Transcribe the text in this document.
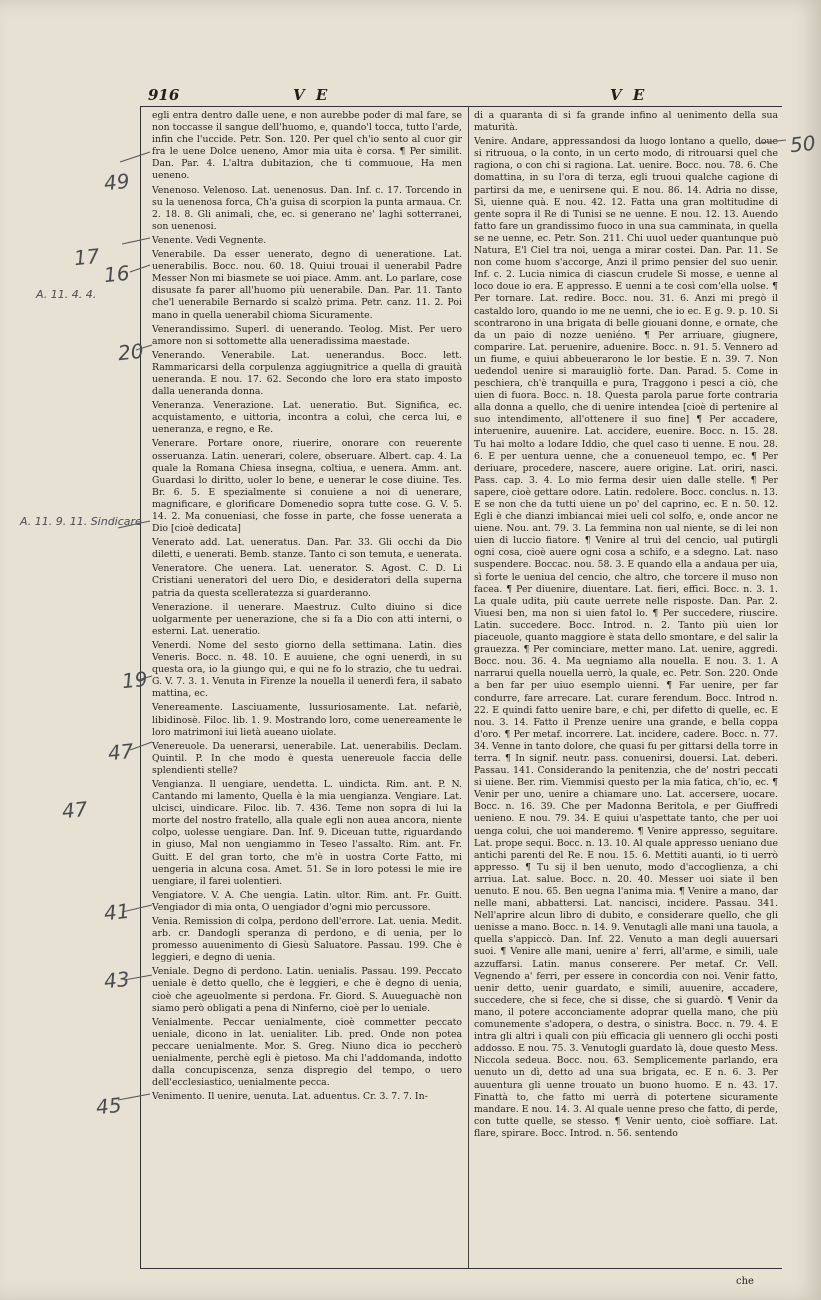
916	V E	V E

egli entra dentro dalle uene, e non aurebbe poder di mal fare, se non toccasse il sangue dell'huomo, e, quando'l tocca, tutto l'arde, infin che l'uccide. Petr. Son. 120. Per quel ch'io sento al cuor gir fra le uene Dolce ueneno, Amor mia uita è corsa. ¶ Per similit. Dan. Par. 4. L'altra dubitazion, che ti commuoue, Ha men ueneno.

Venenoso. Velenoso. Lat. uenenosus. Dan. Inf. c. 17. Torcendo in su la uenenosa forca, Ch'a guisa di scorpion la punta armaua. Cr. 2. 18. 8. Gli animali, che, ec. si generano ne' laghi sotterranei, son uenenosi.

Venente. Vedi Vegnente.

Venerabile. Da esser uenerato, degno di ueneratione. Lat. uenerabilis. Bocc. nou. 60. 18. Quiui trouai il uenerabil Padre Messer Non mi biasmete se uoi piace. Amm. ant. Lo parlare, cose disusate fa parer all'huomo più uenerabile. Dan. Par. 11. Tanto che'l uenerabile Bernardo si scalzò prima. Petr. canz. 11. 2. Poi mano in quella uenerabil chioma Sicuramente.

Venerandissimo. Superl. di uenerando. Teolog. Mist. Per uero amore non si sottomette alla ueneradissima maestade.

Venerando. Venerabile. Lat. uenerandus. Bocc. lett. Rammaricarsi della corpulenza aggiugnitrice a quella di grauità ueneranda. E nou. 17. 62. Secondo che loro era stato imposto dalla ueneranda donna.

Veneranza. Venerazione. Lat. ueneratio. But. Significa, ec. acquistamento, e uittoria, incontra a coluì, che cerca lui, e ueneranza, e regno, e Re.

Venerare. Portare onore, riuerire, onorare con reuerente osseruanza. Latin. uenerari, colere, obseruare. Albert. cap. 4. La quale la Romana Chiesa insegna, coltiua, e uenera. Amm. ant. Guardasi lo diritto, uoler lo bene, e uenerar le cose diuine. Tes. Br. 6. 5. E spezialmente si conuiene a noi di uenerare, magnificare, e glorificare Domenedio sopra tutte cose. G. V. 5. 14. 2. Ma conueniasi, che fosse in parte, che fosse uenerata a Dio [cioè dedicata]

Venerato add. Lat. ueneratus. Dan. Par. 33. Gli occhi da Dio diletti, e uenerati. Bemb. stanze. Tanto ci son temuta, e uenerata.

Veneratore. Che uenera. Lat. uenerator. S. Agost. C. D. Li Cristiani ueneratori del uero Dio, e desideratori della superna patria da questa scelleratezza si guarderanno.

Venerazione. il uenerare. Maestruz. Culto diuino si dice uolgarmente per uenerazione, che si fa a Dio con atti interni, o esterni. Lat. ueneratio.

Venerdi. Nome del sesto giorno della settimana. Latin. dies Veneris. Bocc. n. 48. 10. E auuiene, che ogni uenerdì, in su questa ora, io la giungo qui, e qui ne fo lo strazio, che tu uedrai. G. V. 7. 3. 1. Venuta in Firenze la nouella il uenerdì fera, il sabato mattina, ec.

Venereamente. Lasciuamente, lussuriosamente. Lat. nefariè, libidinosè. Filoc. lib. 1. 9. Mostrando loro, come uenereamente le loro matrimoni iui lietà aueano uiolate.

Venereuole. Da uenerarsi, uenerabile. Lat. uenerabilis. Declam. Quintil. P. In che modo è questa uenereuole faccia delle splendienti stelle?

Vengianza. Il uengiare, uendetta. L. uindicta. Rim. ant. P. N. Cantando mi lamento, Quella è la mia uengianza. Vengiare. Lat. ulcisci, uindicare. Filoc. lib. 7. 436. Teme non sopra di lui la morte del nostro fratello, alla quale egli non auea ancora, niente colpo, uolesse uengiare. Dan. Inf. 9. Diceuan tutte, riguardando in giuso, Mal non uengiammo in Teseo l'assalto. Rim. ant. Fr. Guitt. E del gran torto, che m'è in uostra Corte Fatto, mi uengeria in alcuna cosa. Amet. 51. Se in loro potessi le mie ire uengiare, il farei uolentieri.

Vengiatore. V. A. Che uengia. Latin. ultor. Rim. ant. Fr. Guitt. Vengiador di mia onta, O uengiador d'ogni mio percussore.

Venia. Remission di colpa, perdono dell'errore. Lat. uenia. Medit. arb. cr. Dandogli speranza di perdono, e di uenia, per lo promesso auuenimento di Giesù Saluatore. Passau. 199. Che è leggieri, e degno di uenia.

Veniale. Degno di perdono. Latin. uenialis. Passau. 199. Peccato ueniale è detto quello, che è leggieri, e che è degno di uenia, cioè che ageuolmente si perdona. Fr. Giord. S. Auueguachè non siamo però obligati a pena di Ninferno, cioè per lo ueniale.

Venialmente. Peccar uenialmente, cioè commetter peccato ueniale, dicono in lat. uenialiter. Lib. pred. Onde non potea peccare uenialmente. Mor. S. Greg. Niuno dica io peccherò uenialmente, perchè egli è pietoso. Ma chi l'addomanda, indotto dalla concupiscenza, senza dispregio del tempo, o uero dell'ecclesiastico, uenialmente pecca.

Venimento. Il uenire, uenuta. Lat. aduentus. Cr. 3. 7. 7. In-

di a quaranta di si fa grande infino al uenimento della sua maturità.

Venire. Andare, appressandosi da luogo lontano a quello, doue si ritruoua, o la conto, in un certo modo, di ritrouarsi quel che ragiona, o con chi si ragiona. Lat. uenire. Bocc. nou. 78. 6. Che domattina, in su l'ora di terza, egli truoui qualche cagione di partirsi da me, e uenirsene qui. E nou. 86. 14. Adria no disse, Sì, uienne quà. E nou. 42. 12. Fatta una gran moltitudine di gente sopra il Re di Tunisi se ne uenne. E nou. 12. 13. Auendo fatto fare un grandissimo fuoco in una sua camminata, in quella se ne uenne, ec. Petr. Son. 211. Chi uuol ueder quantunque può Natura, E'l Ciel tra noi, uenga a mirar costei. Dan. Par. 11. Se non come huom s'accorge, Anzi il primo pensier del suo uenir. Inf. c. 2. Lucia nimica di ciascun crudele Si mosse, e uenne al loco doue io era. E appresso. E uenni a te così com'ella uolse. ¶ Per tornare. Lat. redire. Bocc. nou. 31. 6. Anzi mi pregò il castaldo loro, quando io me ne uenni, che io ec. E g. 9. p. 10. Si scontrarono in una brigata di belle giouani donne, e ornate, che da un paio di nozze ueniéno. ¶ Per arriuare, giugnere, comparire. Lat. peruenire, aduenire. Bocc. n. 91. 5. Vennero ad un fiume, e quiui abbeuerarono le lor bestie. E n. 39. 7. Non uedendol uenire si marauigliò forte. Dan. Parad. 5. Come in peschiera, ch'è tranquilla e pura, Traggono i pesci a ciò, che uien di fuora. Bocc. n. 18. Questa parola parue forte contraria alla donna a quello, che di uenire intendea [cioè di pertenire al suo intendimento, all'ottenere il suo fine] ¶ Per accadere, interuenire, auuenire. Lat. accidere, euenire. Bocc. n. 15. 28. Tu hai molto a lodare Iddio, che quel caso ti uenne. E nou. 28. 6. E per uentura uenne, che a conueneuol tempo, ec. ¶ Per deriuare, procedere, nascere, auere origine. Lat. oriri, nasci. Pass. cap. 3. 4. Lo mio ferma desir uien dalle stelle. ¶ Per sapere, cioè gettare odore. Latin. redolere. Bocc. conclus. n. 13. E se non che da tutti uiene un po' del caprino, ec. E n. 50. 12. Egli è che dianzi imbiancai miei ueli col solfo, e, onde ancor ne uiene. Nou. ant. 79. 3. La femmina non ual niente, se di lei non uien di luccio fiatore. ¶ Venire al truì del cencio, ual putirgli ogni cosa, cioè auere ogni cosa a schifo, e a sdegno. Lat. naso suspendere. Boccac. nou. 58. 3. E quando ella a andaua per uia, sì forte le ueniua del cencio, che altro, che torcere il muso non facea. ¶ Per diuenire, diuentare. Lat. fieri, effici. Bocc. n. 3. 1. La quale udita, più caute uerrete nelle risposte. Dan. Par. 2. Viuesi ben, ma non si uien fatol lo. ¶ Per succedere, riuscire. Latin. succedere. Bocc. Introd. n. 2. Tanto più uien lor piaceuole, quanto maggiore è stata dello smontare, e del salir la grauezza. ¶ Per cominciare, metter mano. Lat. uenire, aggredi. Bocc. nou. 36. 4. Ma uegniamo alla nouella. E nou. 3. 1. A narrarui quella nouella uerrò, la quale, ec. Petr. Son. 220. Onde a ben far per uiuo esemplo uienni. ¶ Far uenire, per far condurre, fare arrecare. Lat. curare ferendum. Bocc. Introd n. 22. E quindi fatto uenire bare, e chi, per difetto di quelle, ec. E nou. 3. 14. Fatto il Prenze uenire una grande, e bella coppa d'oro. ¶ Per metaf. incorrere. Lat. incidere, cadere. Bocc. n. 77. 34. Venne in tanto dolore, che quasi fu per gittarsi della torre in terra. ¶ In signif. neutr. pass. conuenirsi, douersi. Lat. deberi. Passau. 141. Considerando la penitenzia, che de' nostri peccati si uiene. Ber. rim. Viemmisi questo per la mia fatica, ch'io, ec. ¶ Venir per uno, uenire a chiamare uno. Lat. accersere, uocare. Bocc. n. 16. 39. Che per Madonna Beritola, e per Giuffredi uenieno. E nou. 79. 34. E quiui u'aspettate tanto, che per uoi uenga colui, che uoi manderemo. ¶ Venire appresso, seguitare. Lat. prope sequi. Bocc. n. 13. 10. Al quale appresso ueniano due antichi parenti del Re. E nou. 15. 6. Mettiti auanti, io ti uerrò appresso. ¶ Tu sij il ben uenuto, modo d'accoglienza, a chi arriua. Lat. salue. Bocc. n. 20. 40. Messer uoi siate il ben uenuto. E nou. 65. Ben uegna l'anima mia. ¶ Venire a mano, dar nelle mani, abbattersi. Lat. nancisci, incidere. Passau. 341. Nell'aprire alcun libro di dubito, e considerare quello, che gli uenisse a mano. Bocc. n. 14. 9. Venutagli alle mani una tauola, a quella s'appiccò. Dan. Inf. 22. Venuto a man degli auuersari suoi. ¶ Venire alle mani, uenire a' ferri, all'arme, e simili, uale azzuffarsi. Latin. manus conserere. Per metaf. Cr. Vell. Vegnendo a' ferri, per essere in concordia con noi. Venir fatto, uenir detto, uenir guardato, e simili, auuenire, accadere, succedere, che si fece, che si disse, che si guardò. ¶ Venir da mano, il potere acconciamente adoprar quella mano, che più comunemente s'adopera, o destra, o sinistra. Bocc. n. 79. 4. E intra gli altri i quali con più efficacia gli uennero gli occhi posti addosso. E nou. 75. 3. Venutogli guardato là, doue questo Mess. Niccola sedeua. Bocc. nou. 63. Semplicemente parlando, era uenuto un dì, detto ad una sua brigata, ec. E n. 6. 3. Per auuentura gli uenne trouato un buono huomo. E n. 43. 17. Finattà to, che fatto mi uerrà di potertene sicuramente mandare. E nou. 14. 3. Al quale uenne preso che fatto, di perde, con tutte quelle, se stesso. ¶ Venir uento, cioè soffiare. Lat. flare, spirare. Bocc. Introd. n. 56. sentendo

che
49
17
16
A. 11. 4. 4.
20
A. 11. 9. 11. Sindicare
19
47
47
41
43
45
50
